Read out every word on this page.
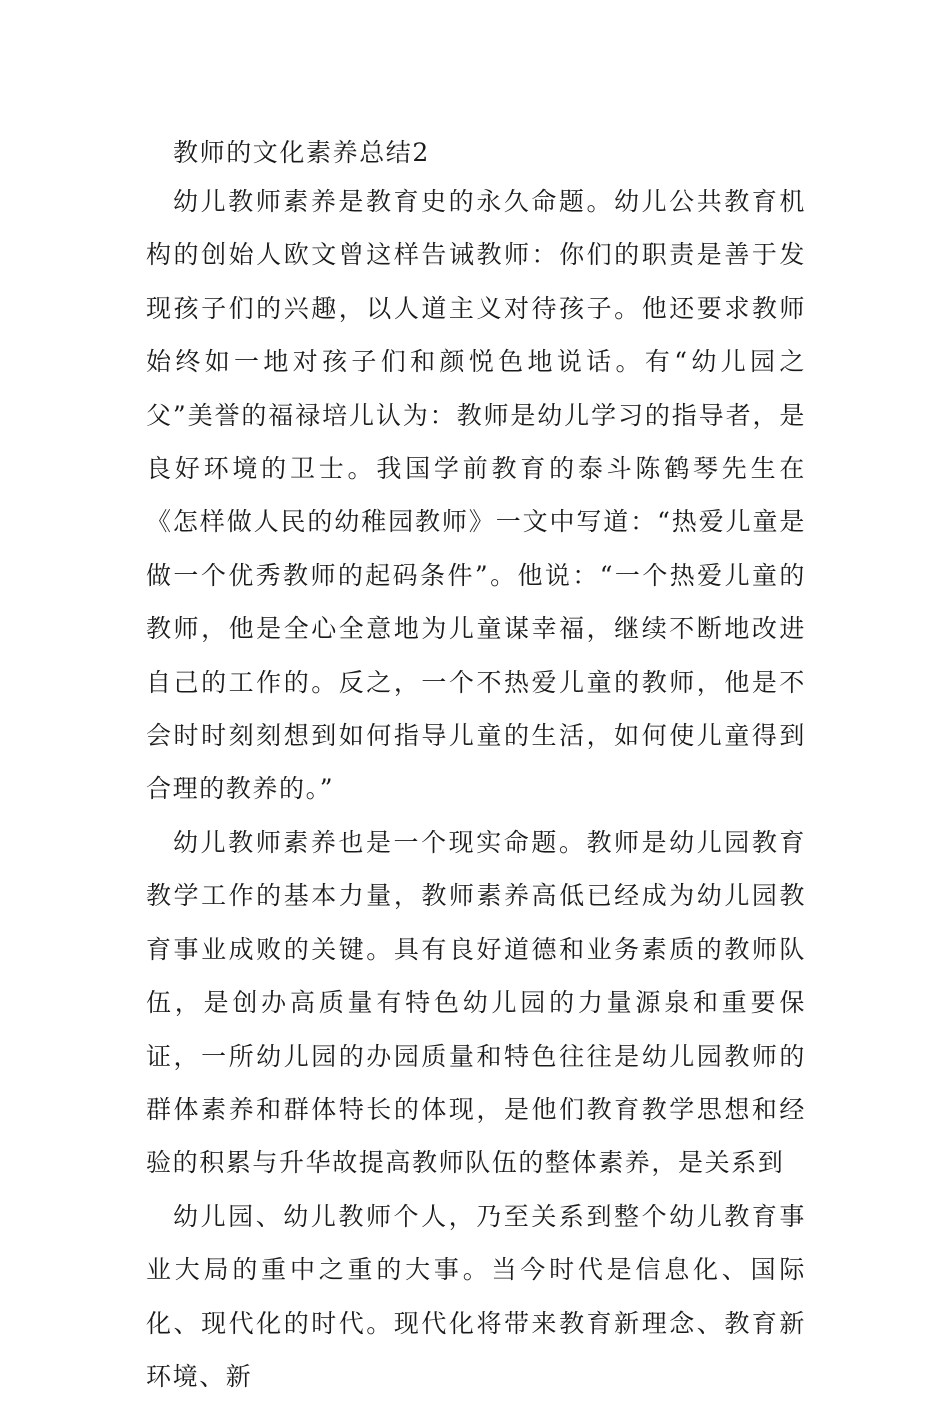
教师的文化素养总结2

幼儿教师素养是教育史的永久命题。幼儿公共教育机构的创始人欧文曾这样告诫教师：你们的职责是善于发现孩子们的兴趣，以人道主义对待孩子。他还要求教师始终如一地对孩子们和颜悦色地说话。有“幼儿园之父”美誉的福禄培儿认为：教师是幼儿学习的指导者，是良好环境的卫士。我国学前教育的泰斗陈鹤琴先生在《怎样做人民的幼稚园教师》一文中写道：“热爱儿童是做一个优秀教师的起码条件”。他说：“一个热爱儿童的教师，他是全心全意地为儿童谋幸福，继续不断地改进自己的工作的。反之，一个不热爱儿童的教师，他是不会时时刻刻想到如何指导儿童的生活，如何使儿童得到合理的教养的。”

幼儿教师素养也是一个现实命题。教师是幼儿园教育教学工作的基本力量，教师素养高低已经成为幼儿园教育事业成败的关键。具有良好道德和业务素质的教师队伍，是创办高质量有特色幼儿园的力量源泉和重要保证，一所幼儿园的办园质量和特色往往是幼儿园教师的群体素养和群体特长的体现，是他们教育教学思想和经验的积累与升华故提高教师队伍的整体素养，是关系到

幼儿园、幼儿教师个人，乃至关系到整个幼儿教育事业大局的重中之重的大事。当今时代是信息化、国际化、现代化的时代。现代化将带来教育新理念、教育新环境、新
